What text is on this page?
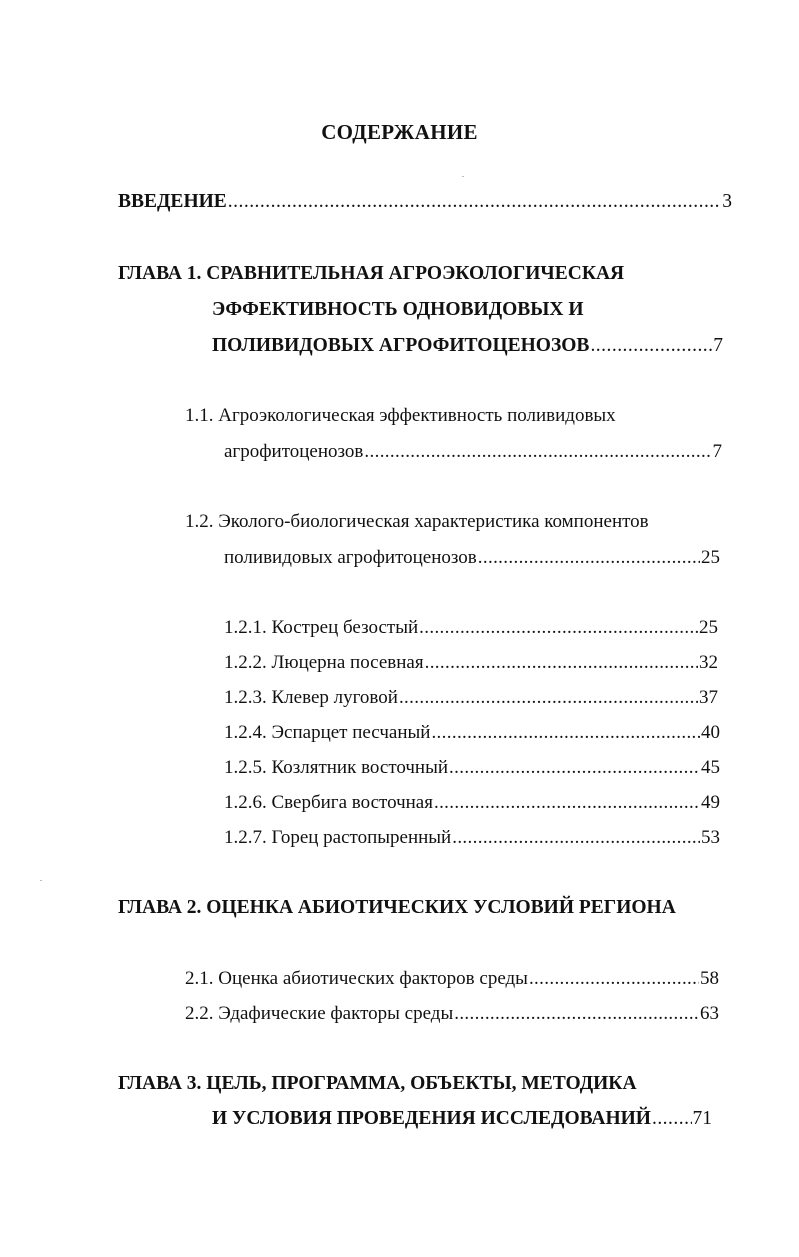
СОДЕРЖАНИЕ
ВВЕДЕНИЕ . . .	3
ГЛАВА 1. СРАВНИТЕЛЬНАЯ АГРОЭКОЛОГИЧЕСКАЯ
ЭФФЕКТИВНОСТЬ ОДНОВИДОВЫХ И
ПОЛИВИДОВЫХ АГРОФИТОЦЕНОЗОВ . . .	7
1.1. Агроэкологическая эффективность поливидовых
агрофитоценозов . . .	7
1.2. Эколого-биологическая характеристика компонентов
поливидовых агрофитоценозов . . .	25
1.2.1. Кострец безостый . . .	25
1.2.2. Люцерна посевная . . .	32
1.2.3. Клевер луговой . . .	37
1.2.4. Эспарцет песчаный . . .	40
1.2.5. Козлятник восточный . . .	45
1.2.6. Свербига восточная . . .	49
1.2.7. Горец растопыренный . . .	53
ГЛАВА 2. ОЦЕНКА АБИОТИЧЕСКИХ УСЛОВИЙ РЕГИОНА
2.1. Оценка абиотических факторов среды . . .	58
2.2. Эдафические факторы среды . . .	63
ГЛАВА 3. ЦЕЛЬ, ПРОГРАММА, ОБЪЕКТЫ, МЕТОДИКА
И УСЛОВИЯ ПРОВЕДЕНИЯ ИССЛЕДОВАНИЙ . . . 71
